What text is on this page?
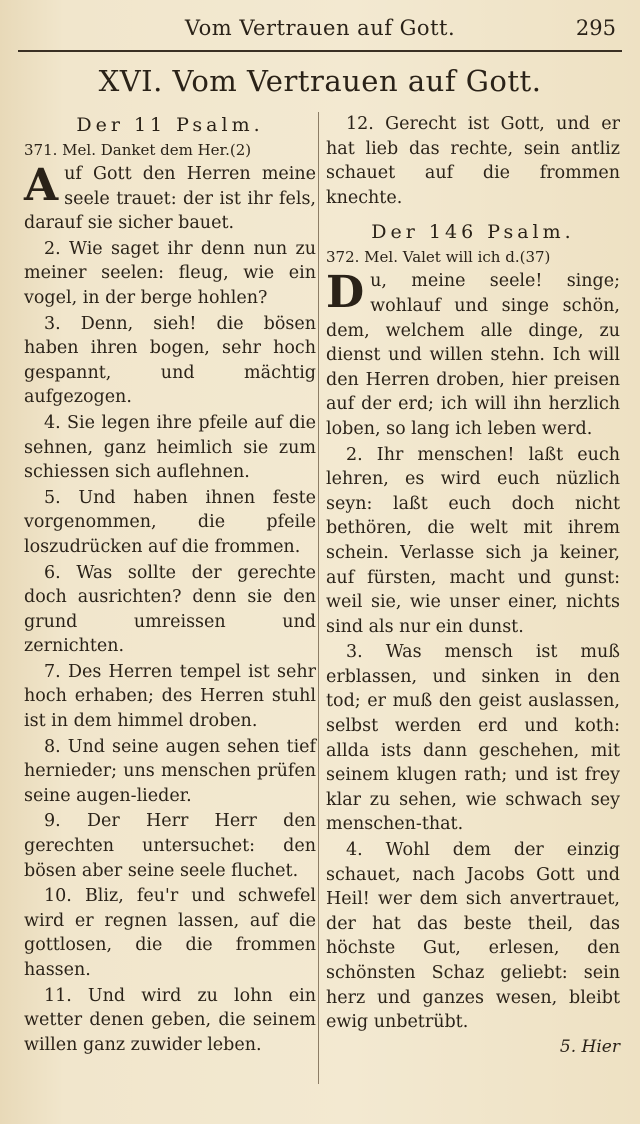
Vom Vertrauen auf Gott.	295
XVI. Vom Vertrauen auf Gott.

Der 11 Psalm.

371. Mel. Danket dem Her.(2)

Auf Gott den Herren meine seele trauet: der ist ihr fels, darauf sie sicher bauet.

2. Wie saget ihr denn nun zu meiner seelen: fleug, wie ein vogel, in der berge hohlen?

3. Denn, sieh! die bösen haben ihren bogen, sehr hoch gespannt, und mächtig aufgezogen.

4. Sie legen ihre pfeile auf die sehnen, ganz heimlich sie zum schiessen sich auflehnen.

5. Und haben ihnen feste vorgenommen, die pfeile loszudrücken auf die frommen.

6. Was sollte der gerechte doch ausrichten? denn sie den grund umreissen und zernichten.

7. Des Herren tempel ist sehr hoch erhaben; des Herren stuhl ist in dem himmel droben.

8. Und seine augen sehen tief hernieder; uns menschen prüfen seine augen-lieder.

9. Der Herr Herr den gerechten untersuchet: den bösen aber seine seele fluchet.

10. Bliz, feu'r und schwefel wird er regnen lassen, auf die gottlosen, die die frommen hassen.

11. Und wird zu lohn ein wetter denen geben, die seinem willen ganz zuwider leben.

12. Gerecht ist Gott, und er hat lieb das rechte, sein antliz schauet auf die frommen knechte.

Der 146 Psalm.

372. Mel. Valet will ich d.(37)

Du, meine seele! singe; wohlauf und singe schön, dem, welchem alle dinge, zu dienst und willen stehn. Ich will den Herren droben, hier preisen auf der erd; ich will ihn herzlich loben, so lang ich leben werd.

2. Ihr menschen! laßt euch lehren, es wird euch nüzlich seyn: laßt euch doch nicht bethören, die welt mit ihrem schein. Verlasse sich ja keiner, auf fürsten, macht und gunst: weil sie, wie unser einer, nichts sind als nur ein dunst.

3. Was mensch ist muß erblassen, und sinken in den tod; er muß den geist auslassen, selbst werden erd und koth: allda ists dann geschehen, mit seinem klugen rath; und ist frey klar zu sehen, wie schwach sey menschen-that.

4. Wohl dem der einzig schauet, nach Jacobs Gott und Heil! wer dem sich anvertrauet, der hat das beste theil, das höchste Gut, erlesen, den schönsten Schaz geliebt: sein herz und ganzes wesen, bleibt ewig unbetrübt.

5. Hier
